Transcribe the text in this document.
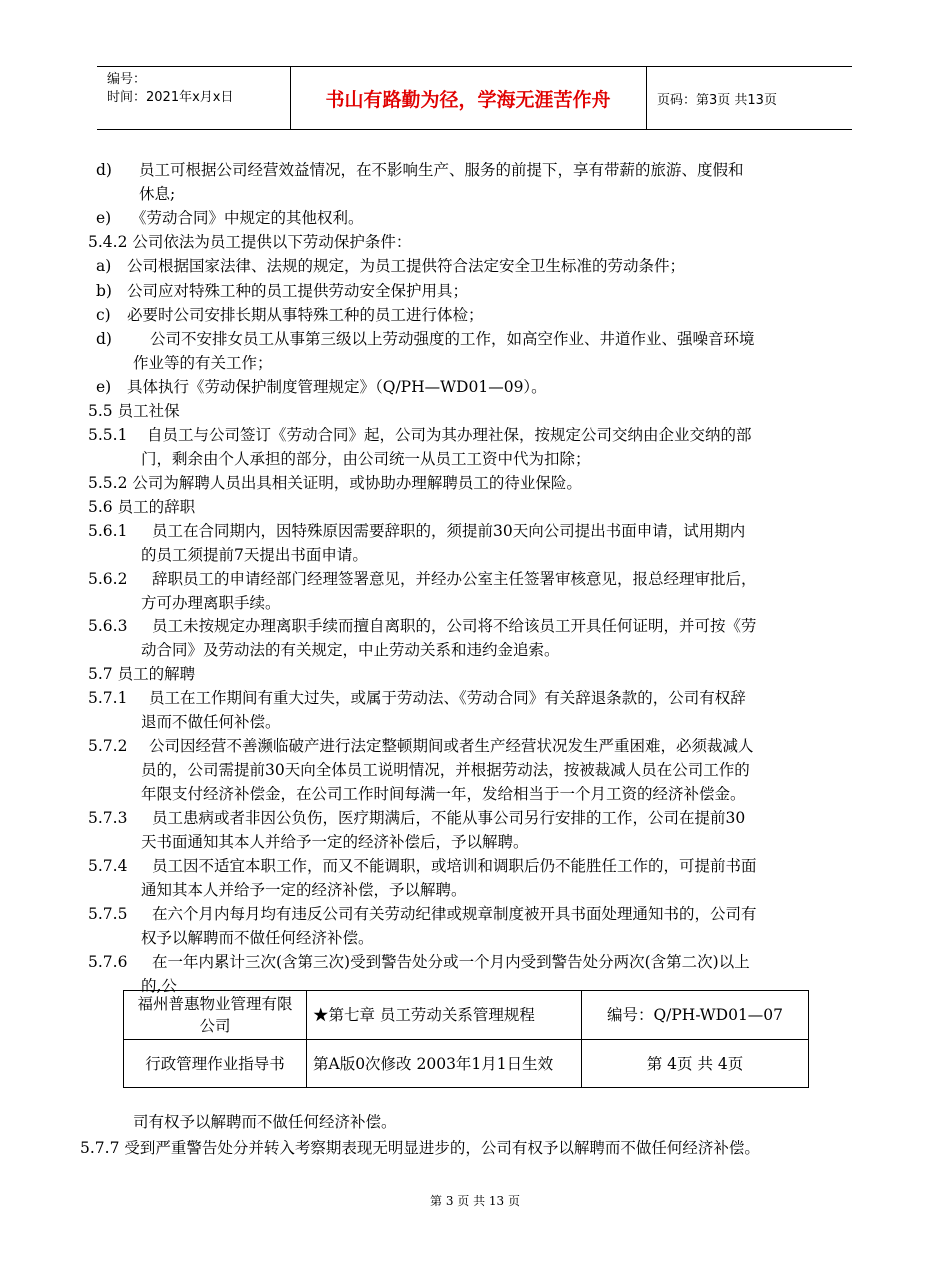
编号：
时间：2021年x月x日	书山有路勤为径，学海无涯苦作舟	页码：第3页 共13页
d) 员工可根据公司经营效益情况，在不影响生产、服务的前提下，享有带薪的旅游、度假和
休息;
e) 《劳动合同》中规定的其他权利。
5.4.2 公司依法为员工提供以下劳动保护条件：
a) 公司根据国家法律、法规的规定，为员工提供符合法定安全卫生标准的劳动条件；
b) 公司应对特殊工种的员工提供劳动安全保护用具；
c) 必要时公司安排长期从事特殊工种的员工进行体检；
d) 公司不安排女员工从事第三级以上劳动强度的工作，如高空作业、井道作业、强噪音环境
作业等的有关工作；
e) 具体执行《劳动保护制度管理规定》（Q/PH—WD01—09）。
5.5 员工社保
5.5.1 自员工与公司签订《劳动合同》起，公司为其办理社保，按规定公司交纳由企业交纳的部
门，剩余由个人承担的部分，由公司统一从员工工资中代为扣除；
5.5.2 公司为解聘人员出具相关证明，或协助办理解聘员工的待业保险。
5.6 员工的辞职
5.6.1 员工在合同期内，因特殊原因需要辞职的，须提前30天向公司提出书面申请，试用期内
的员工须提前7天提出书面申请。
5.6.2 辞职员工的申请经部门经理签署意见，并经办公室主任签署审核意见，报总经理审批后，
方可办理离职手续。
5.6.3 员工未按规定办理离职手续而擅自离职的，公司将不给该员工开具任何证明，并可按《劳
动合同》及劳动法的有关规定，中止劳动关系和违约金追索。
5.7 员工的解聘
5.7.1 员工在工作期间有重大过失，或属于劳动法、《劳动合同》有关辞退条款的，公司有权辞
退而不做任何补偿。
5.7.2 公司因经营不善濒临破产进行法定整顿期间或者生产经营状况发生严重困难，必须裁减人
员的，公司需提前30天向全体员工说明情况，并根据劳动法，按被裁减人员在公司工作的
年限支付经济补偿金，在公司工作时间每满一年，发给相当于一个月工资的经济补偿金。
5.7.3 员工患病或者非因公负伤，医疗期满后，不能从事公司另行安排的工作，公司在提前30
天书面通知其本人并给予一定的经济补偿后，予以解聘。
5.7.4 员工因不适宜本职工作，而又不能调职，或培训和调职后仍不能胜任工作的，可提前书面
通知其本人并给予一定的经济补偿，予以解聘。
5.7.5 在六个月内每月均有违反公司有关劳动纪律或规章制度被开具书面处理通知书的，公司有
权予以解聘而不做任何经济补偿。
5.7.6 在一年内累计三次(含第三次)受到警告处分或一个月内受到警告处分两次(含第二次)以上
的,公
福州普惠物业管理有限公司	★第七章 员工劳动关系管理规程	编号：Q/PH-WD01—07
行政管理作业指导书	第A版0次修改 2003年1月1日生效	第 4页 共 4页
司有权予以解聘而不做任何经济补偿。
5.7.7 受到严重警告处分并转入考察期表现无明显进步的，公司有权予以解聘而不做任何经济补偿。
第 3 页 共 13 页
